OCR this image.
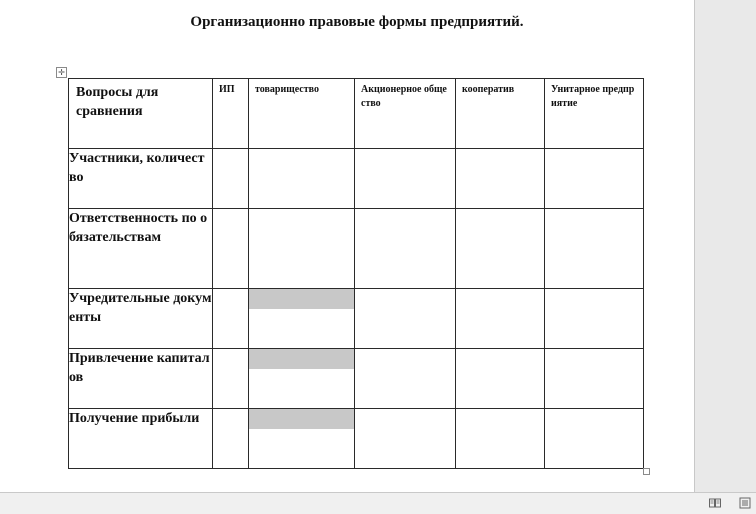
Организационно правовые формы предприятий.
✛
Вопросы для сравнения	ИП	товарищество	Акционерное общество	кооператив	Унитарное предприятие
Участники, количество					
Ответственность по обязательствам					
Учредительные документы		

Привлечение капиталов		

Получение прибыли		
